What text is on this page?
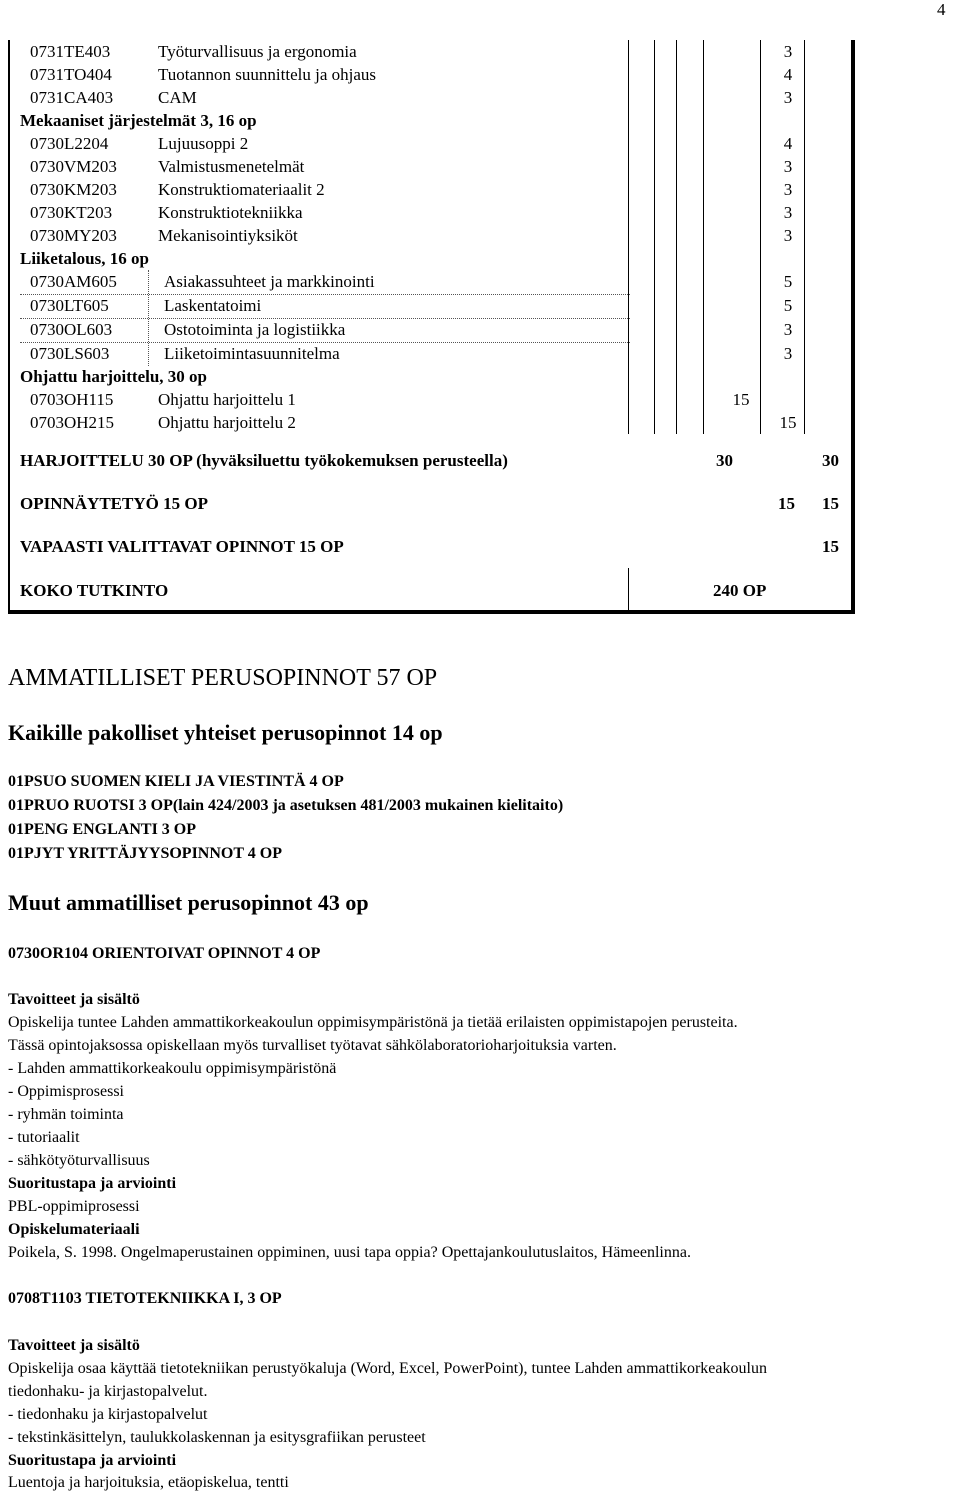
4
0731TE403	Työturvallisuus ja ergonomia	3
0731TO404	Tuotannon suunnittelu ja ohjaus	4
0731CA403	CAM	3
Mekaaniset järjestelmät 3, 16 op
0730L2204	Lujuusoppi 2	4
0730VM203 Valmistusmenetelmät	3
0730KM203 Konstruktiomateriaalit 2	3
0730KT203	Konstruktiotekniikka	3
0730MY203 Mekanisointiyksiköt	3
Liiketalous, 16 op
0730AM605	Asiakassuhteet ja markkinointi	5
0730LT605	Laskentatoimi	5
0730OL603	Ostotoiminta ja logistiikka	3
0730LS603	Liiketoimintasuunnitelma	3
Ohjattu harjoittelu, 30 op
0703OH115	Ohjattu harjoittelu 1	15
0703OH215	Ohjattu harjoittelu 2	15
HARJOITTELU 30 OP (hyväksiluettu työkokemuksen perusteella)	30	30
OPINNÄYTETYÖ 15 OP	15 15
VAPAASTI VALITTAVAT OPINNOT 15 OP	15
KOKO TUTKINTO	240 OP
AMMATILLISET PERUSOPINNOT 57 OP
Kaikille pakolliset yhteiset perusopinnot 14 op
01PSUO SUOMEN KIELI JA VIESTINTÄ 4 OP
01PRUO RUOTSI 3 OP(lain 424/2003 ja asetuksen 481/2003 mukainen kielitaito)
01PENG ENGLANTI 3 OP
01PJYT YRITTÄJYYSOPINNOT 4 OP
Muut ammatilliset perusopinnot 43 op
0730OR104 ORIENTOIVAT OPINNOT 4 OP
Tavoitteet ja sisältö
Opiskelija tuntee Lahden ammattikorkeakoulun oppimisympäristönä ja tietää erilaisten oppimistapojen perusteita.
Tässä opintojaksossa opiskellaan myös turvalliset työtavat sähkölaboratorioharjoituksia varten.
- Lahden ammattikorkeakoulu oppimisympäristönä
- Oppimisprosessi
- ryhmän toiminta
- tutoriaalit
- sähkötyöturvallisuus
Suoritustapa ja arviointi
PBL-oppimiprosessi
Opiskelumateriaali
Poikela, S. 1998. Ongelmaperustainen oppiminen, uusi tapa oppia? Opettajankoulutuslaitos, Hämeenlinna.
0708T1103 TIETOTEKNIIKKA I, 3 OP
Tavoitteet ja sisältö
Opiskelija osaa käyttää tietotekniikan perustyökaluja (Word, Excel, PowerPoint), tuntee Lahden ammattikorkeakoulun
tiedonhaku- ja kirjastopalvelut.
- tiedonhaku ja kirjastopalvelut
- tekstinkäsittelyn, taulukkolaskennan ja esitysgrafiikan perusteet
Suoritustapa ja arviointi
Luentoja ja harjoituksia, etäopiskelua, tentti
